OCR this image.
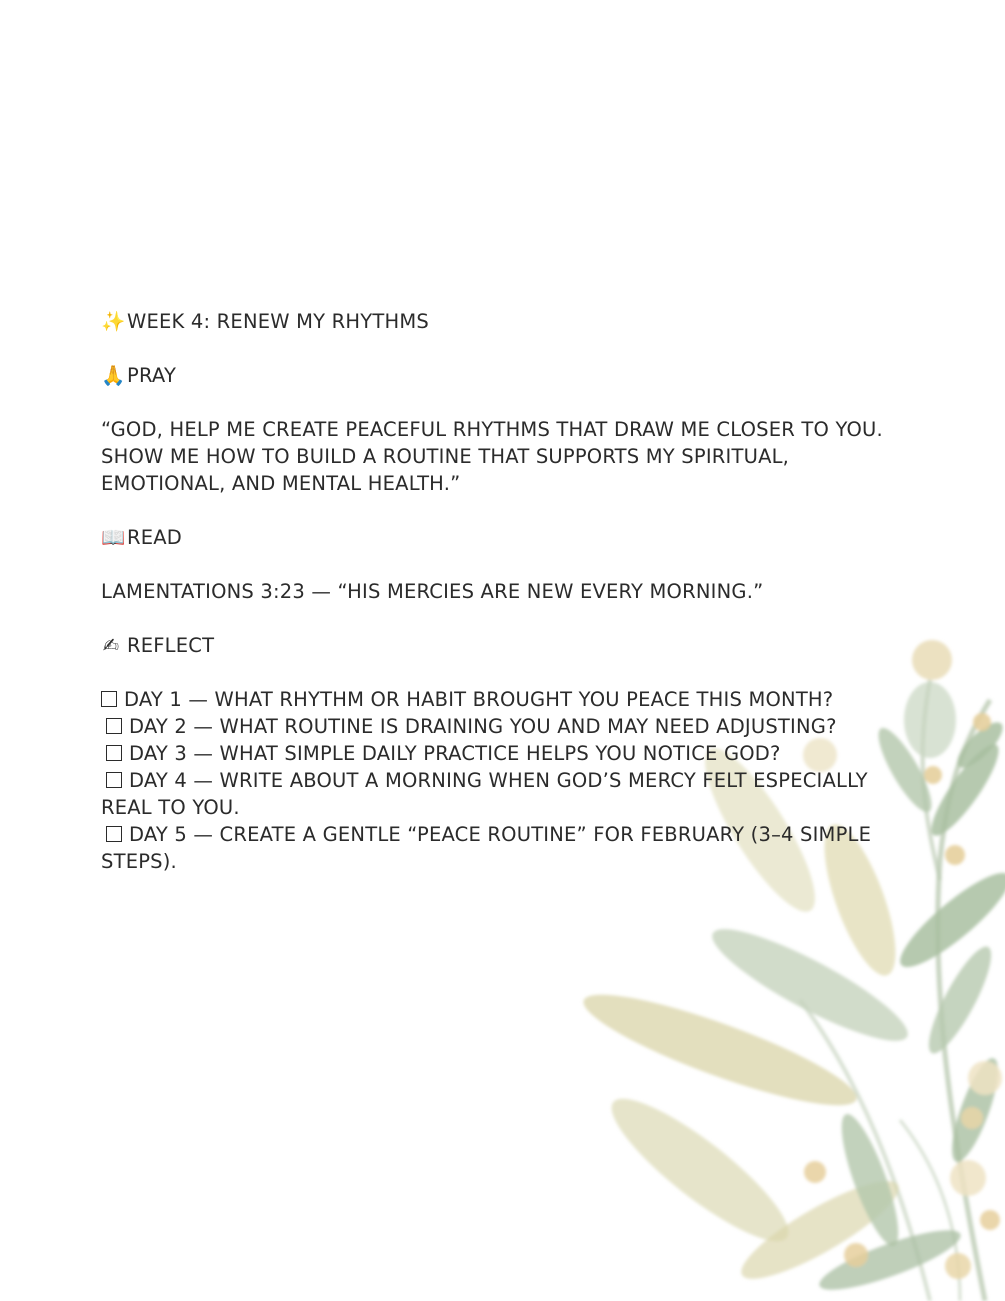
✨WEEK 4: RENEW MY RHYTHMS
🙏PRAY
“GOD, HELP ME CREATE PEACEFUL RHYTHMS THAT DRAW ME CLOSER TO YOU. SHOW ME HOW TO BUILD A ROUTINE THAT SUPPORTS MY SPIRITUAL, EMOTIONAL, AND MENTAL HEALTH.”
📖READ
LAMENTATIONS 3:23 — “HIS MERCIES ARE NEW EVERY MORNING.”
✍ REFLECT
DAY 1 — WHAT RHYTHM OR HABIT BROUGHT YOU PEACE THIS MONTH?
DAY 2 — WHAT ROUTINE IS DRAINING YOU AND MAY NEED ADJUSTING?
DAY 3 — WHAT SIMPLE DAILY PRACTICE HELPS YOU NOTICE GOD?
DAY 4 — WRITE ABOUT A MORNING WHEN GOD’S MERCY FELT ESPECIALLY REAL TO YOU.
DAY 5 — CREATE A GENTLE “PEACE ROUTINE” FOR FEBRUARY (3–4 SIMPLE STEPS).
